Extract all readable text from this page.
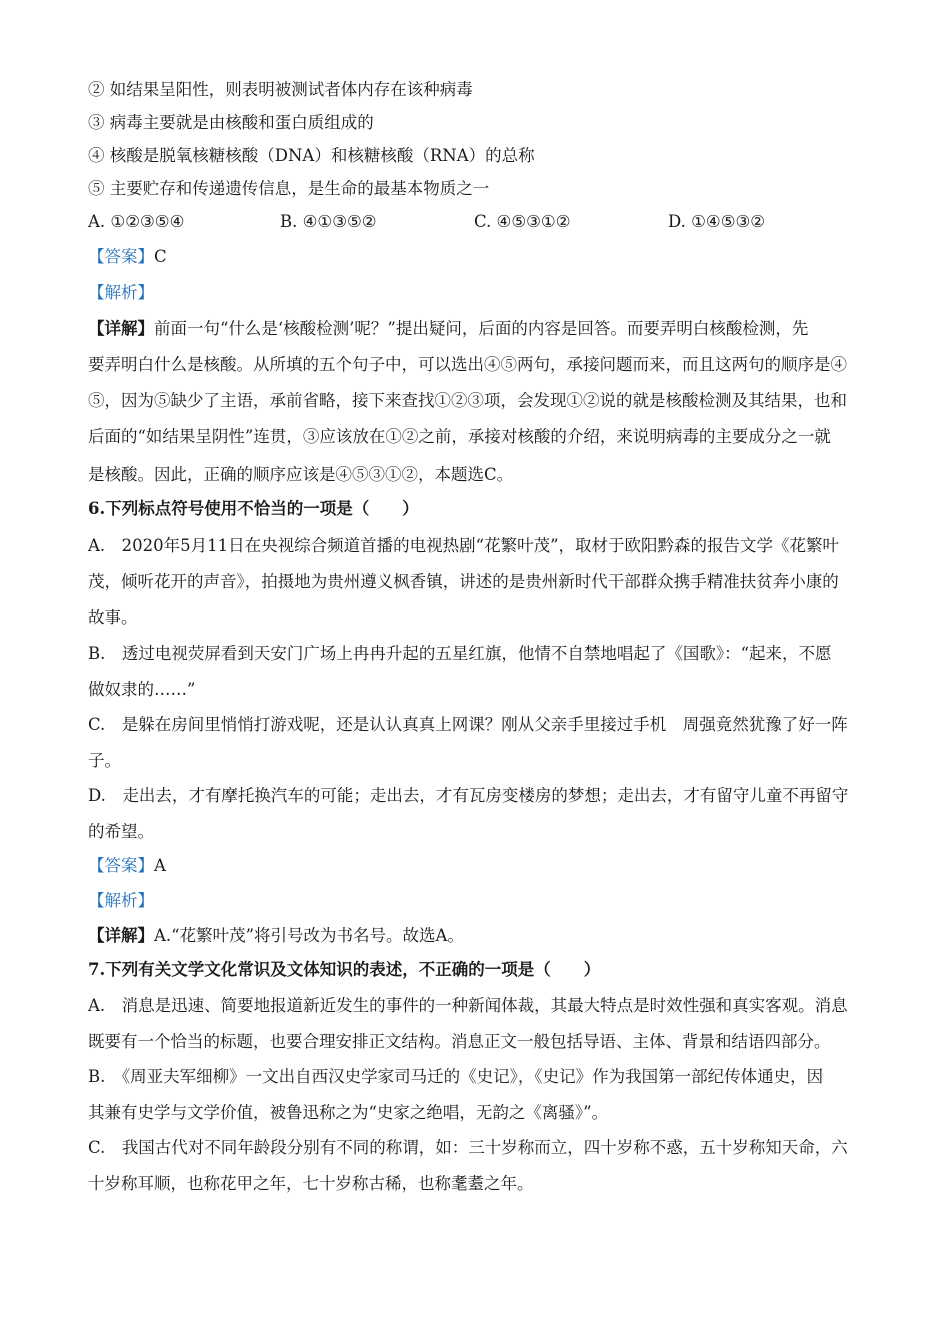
② 如结果呈阳性，则表明被测试者体内存在该种病毒
③ 病毒主要就是由核酸和蛋白质组成的
④ 核酸是脱氧核糖核酸（DNA）和核糖核酸（RNA）的总称
⑤ 主要贮存和传递遗传信息，是生命的最基本物质之一
A. ①②③⑤④	B. ④①③⑤②	C. ④⑤③①②	D. ①④⑤③②
【答案】C
【解析】
【详解】前面一句“什么是‘核酸检测’呢？”提出疑问，后面的内容是回答。而要弄明白核酸检测，先
要弄明白什么是核酸。从所填的五个句子中，可以选出④⑤两句，承接问题而来，而且这两句的顺序是④
⑤，因为⑤缺少了主语，承前省略，接下来查找①②③项，会发现①②说的就是核酸检测及其结果，也和
后面的“如结果呈阴性”连贯，③应该放在①②之前，承接对核酸的介绍，来说明病毒的主要成分之一就
是核酸。因此，正确的顺序应该是④⑤③①②，本题选C。
6.下列标点符号使用不恰当的一项是（　　）
A.　2020年5月11日在央视综合频道首播的电视热剧“花繁叶茂”，取材于欧阳黔森的报告文学《花繁叶
茂，倾听花开的声音》，拍摄地为贵州遵义枫香镇，讲述的是贵州新时代干部群众携手精准扶贫奔小康的
故事。
B.　透过电视荧屏看到天安门广场上冉冉升起的五星红旗，他情不自禁地唱起了《国歌》：“起来，不愿
做奴隶的……”
C.　是躲在房间里悄悄打游戏呢，还是认认真真上网课？刚从父亲手里接过手机　周强竟然犹豫了好一阵
子。
D.　走出去，才有摩托换汽车的可能；走出去，才有瓦房变楼房的梦想；走出去，才有留守儿童不再留守
的希望。
【答案】A
【解析】
【详解】A.“花繁叶茂”将引号改为书名号。故选A。
7.下列有关文学文化常识及文体知识的表述，不正确的一项是（　　）
A.　消息是迅速、简要地报道新近发生的事件的一种新闻体裁，其最大特点是时效性强和真实客观。消息
既要有一个恰当的标题，也要合理安排正文结构。消息正文一般包括导语、主体、背景和结语四部分。
B.　《周亚夫军细柳》一文出自西汉史学家司马迁的《史记》，《史记》作为我国第一部纪传体通史，因
其兼有史学与文学价值，被鲁迅称之为“史家之绝唱，无韵之《离骚》”。
C.　我国古代对不同年龄段分别有不同的称谓，如：三十岁称而立，四十岁称不惑，五十岁称知天命，六
十岁称耳顺，也称花甲之年，七十岁称古稀，也称耄耋之年。
